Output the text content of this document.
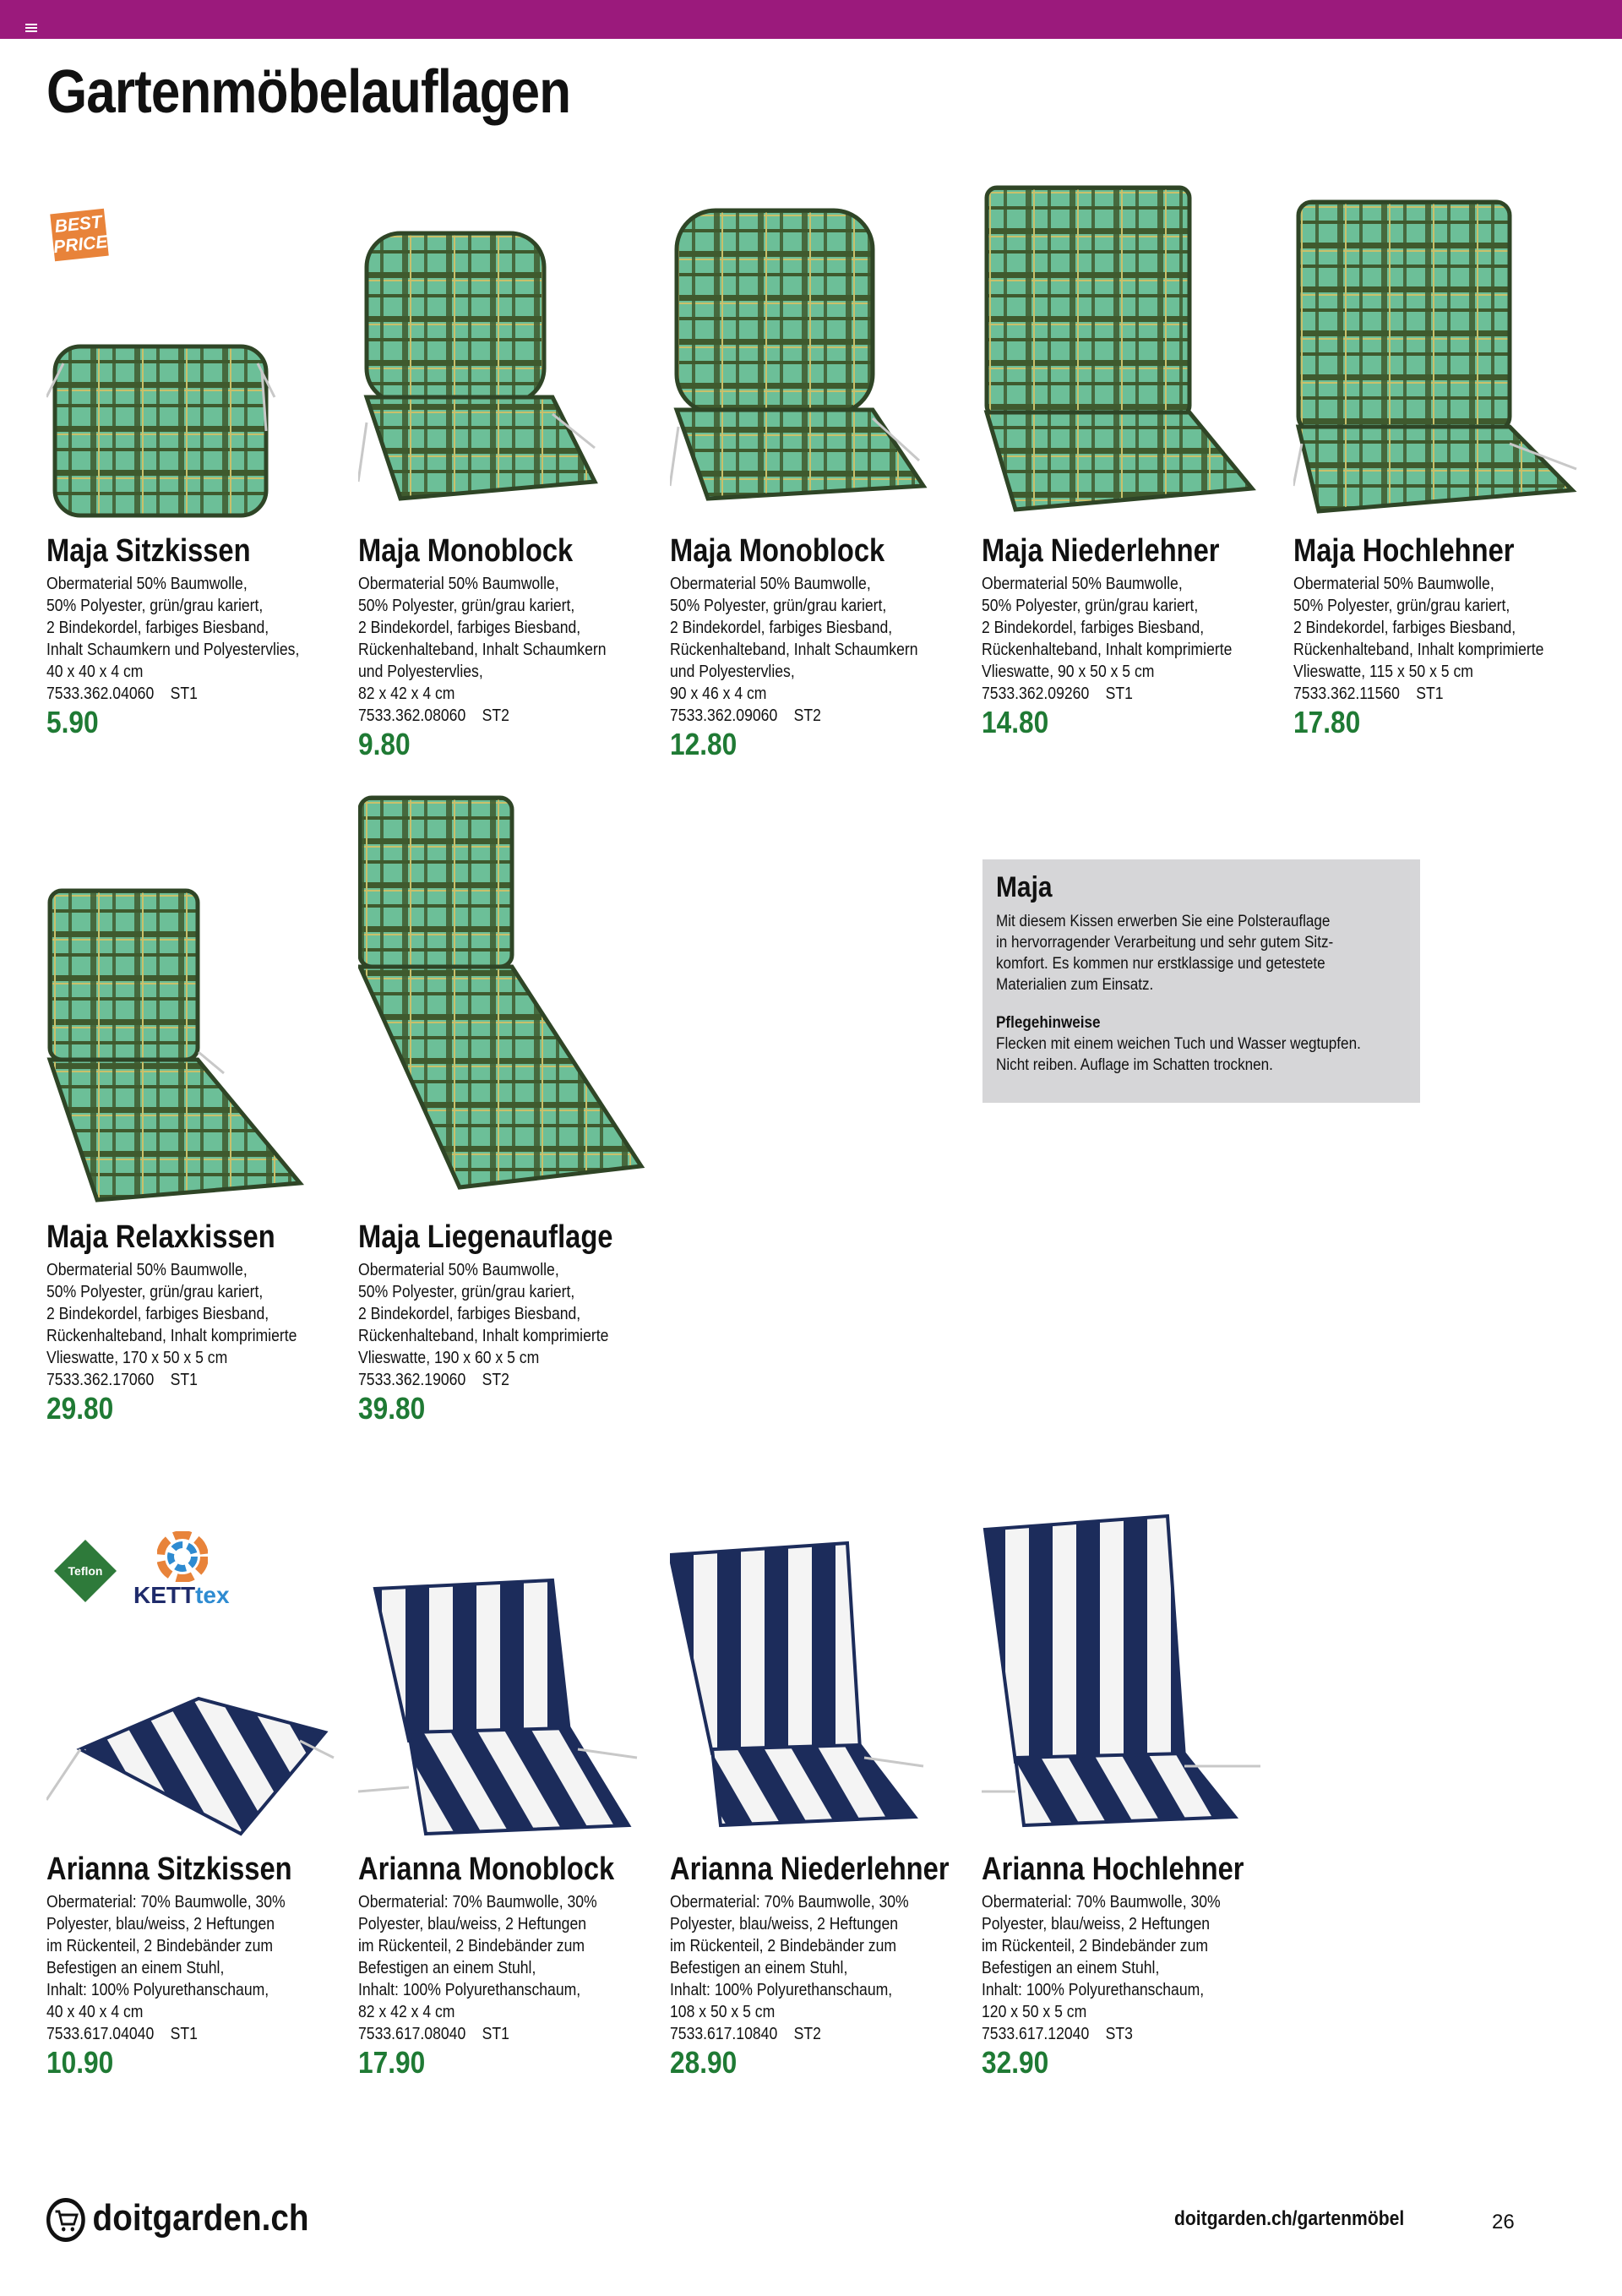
Gartenmöbelauflagen
BEST PRICE
Maja Sitzkissen
Obermaterial 50% Baumwolle,
50% Polyester, grün/grau kariert,
2 Bindekordel, farbiges Biesband,
Inhalt Schaumkern und Polyestervlies,
40 x 40 x 4 cm
7533.362.04060 ST1
5.90
Maja Monoblock
Obermaterial 50% Baumwolle,
50% Polyester, grün/grau kariert,
2 Bindekordel, farbiges Biesband,
Rückenhalteband, Inhalt Schaumkern
und Polyestervlies,
82 x 42 x 4 cm
7533.362.08060 ST2
9.80
Maja Monoblock
Obermaterial 50% Baumwolle,
50% Polyester, grün/grau kariert,
2 Bindekordel, farbiges Biesband,
Rückenhalteband, Inhalt Schaumkern
und Polyestervlies,
90 x 46 x 4 cm
7533.362.09060 ST2
12.80
Maja Niederlehner
Obermaterial 50% Baumwolle,
50% Polyester, grün/grau kariert,
2 Bindekordel, farbiges Biesband,
Rückenhalteband, Inhalt komprimierte
Vlieswatte, 90 x 50 x 5 cm
7533.362.09260 ST1
14.80
Maja Hochlehner
Obermaterial 50% Baumwolle,
50% Polyester, grün/grau kariert,
2 Bindekordel, farbiges Biesband,
Rückenhalteband, Inhalt komprimierte
Vlieswatte, 115 x 50 x 5 cm
7533.362.11560 ST1
17.80
Maja Relaxkissen
Obermaterial 50% Baumwolle,
50% Polyester, grün/grau kariert,
2 Bindekordel, farbiges Biesband,
Rückenhalteband, Inhalt komprimierte
Vlieswatte, 170 x 50 x 5 cm
7533.362.17060 ST1
29.80
Maja Liegenauflage
Obermaterial 50% Baumwolle,
50% Polyester, grün/grau kariert,
2 Bindekordel, farbiges Biesband,
Rückenhalteband, Inhalt komprimierte
Vlieswatte, 190 x 60 x 5 cm
7533.362.19060 ST2
39.80
Maja

Mit diesem Kissen erwerben Sie eine Polsterauflage
in hervorragender Verarbeitung und sehr gutem Sitz-
komfort. Es kommen nur erstklassige und getestete
Materialien zum Einsatz.

Pflegehinweise

Flecken mit einem weichen Tuch und Wasser wegtupfen.
Nicht reiben. Auflage im Schatten trocknen.

Teflon
KETTtex
Arianna Sitzkissen
Obermaterial: 70% Baumwolle, 30%
Polyester, blau/weiss, 2 Heftungen
im Rückenteil, 2 Bindebänder zum
Befestigen an einem Stuhl,
Inhalt: 100% Polyurethanschaum,
40 x 40 x 4 cm
7533.617.04040 ST1
10.90
Arianna Monoblock
Obermaterial: 70% Baumwolle, 30%
Polyester, blau/weiss, 2 Heftungen
im Rückenteil, 2 Bindebänder zum
Befestigen an einem Stuhl,
Inhalt: 100% Polyurethanschaum,
82 x 42 x 4 cm
7533.617.08040 ST1
17.90
Arianna Niederlehner
Obermaterial: 70% Baumwolle, 30%
Polyester, blau/weiss, 2 Heftungen
im Rückenteil, 2 Bindebänder zum
Befestigen an einem Stuhl,
Inhalt: 100% Polyurethanschaum,
108 x 50 x 5 cm
7533.617.10840 ST2
28.90
Arianna Hochlehner
Obermaterial: 70% Baumwolle, 30%
Polyester, blau/weiss, 2 Heftungen
im Rückenteil, 2 Bindebänder zum
Befestigen an einem Stuhl,
Inhalt: 100% Polyurethanschaum,
120 x 50 x 5 cm
7533.617.12040 ST3
32.90
doitgarden.ch	doitgarden.ch/gartenmöbel	26
